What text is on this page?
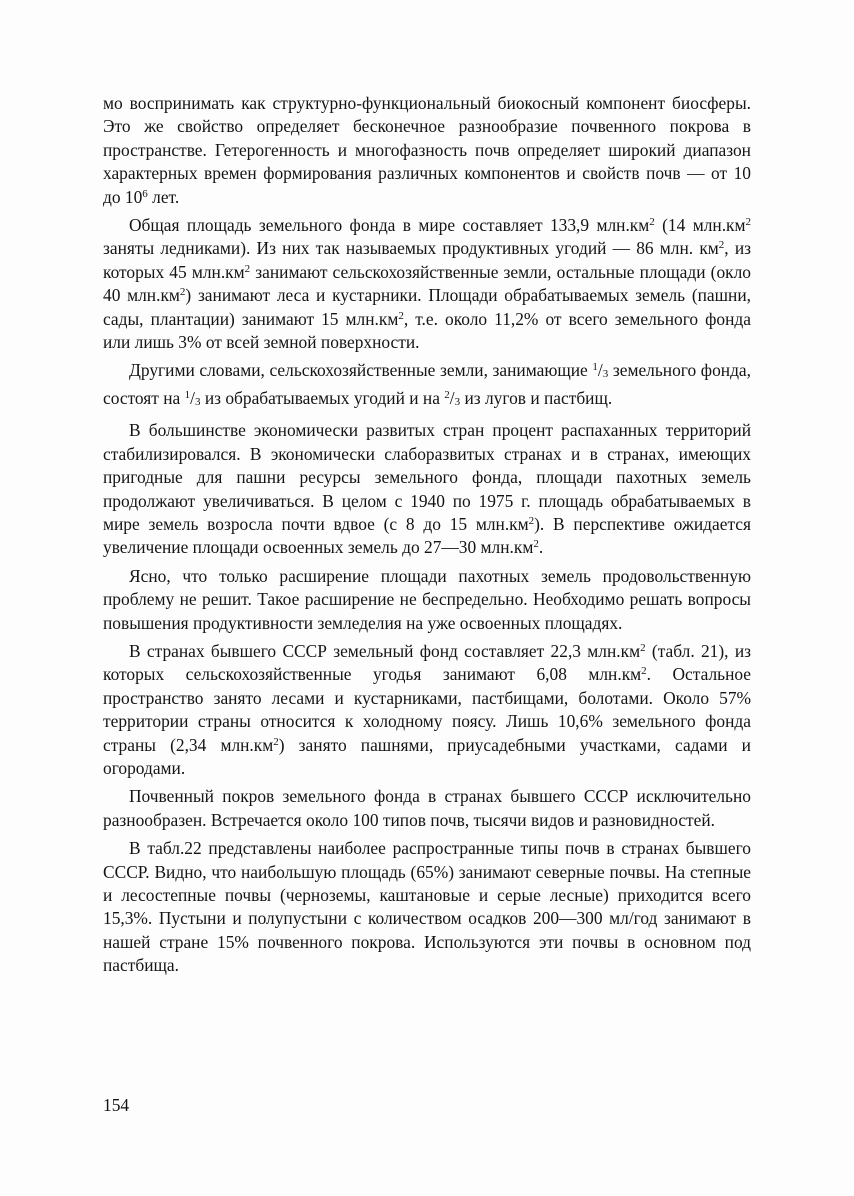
мо воспринимать как структурно-функциональный биокосный компонент биосферы. Это же свойство определяет бесконечное разнообразие почвенного покрова в пространстве. Гетерогенность и многофазность почв определяет широкий диапазон характерных времен формирования различных компонентов и свойств почв — от 10 до $10^6$ лет.

Общая площадь земельного фонда в мире составляет 133,9 $млн.км^2$ (14 $млн.км^2$ заняты ледниками). Из них так называемых продуктивных угодий — 86 млн. $км^2$, из которых 45 $млн.км^2$ занимают сельскохозяйственные земли, остальные площади (окло 40 $млн.км^2$) занимают леса и кустарники. Площади обрабатываемых земель (пашни, сады, плантации) занимают 15 $млн.км^2$, т.е. около 11,2% от всего земельного фонда или лишь 3% от всей земной поверхности.

Другими словами, сельскохозяйственные земли, занимающие $^1/_3$ земельного фонда, состоят на $^1/_3$ из обрабатываемых угодий и на $^2/_3$ из лугов и пастбищ.

В большинстве экономически развитых стран процент распаханных территорий стабилизировался. В экономически слаборазвитых странах и в странах, имеющих пригодные для пашни ресурсы земельного фонда, площади пахотных земель продолжают увеличиваться. В целом с 1940 по 1975 г. площадь обрабатываемых в мире земель возросла почти вдвое (с 8 до 15 $млн.км^2$). В перспективе ожидается увеличение площади освоенных земель до 27—30 $млн.км^2$.

Ясно, что только расширение площади пахотных земель продовольственную проблему не решит. Такое расширение не беспредельно. Необходимо решать вопросы повышения продуктивности земледелия на уже освоенных площадях.

В странах бывшего СССР земельный фонд составляет 22,3 $млн.км^2$ (табл. 21), из которых сельскохозяйственные угодья занимают 6,08 $млн.км^2$. Остальное пространство занято лесами и кустарниками, пастбищами, болотами. Около 57% территории страны относится к холодному поясу. Лишь 10,6% земельного фонда страны (2,34 $млн.км^2$) занято пашнями, приусадебными участками, садами и огородами.

Почвенный покров земельного фонда в странах бывшего СССР исключительно разнообразен. Встречается около 100 типов почв, тысячи видов и разновидностей.

В табл.22 представлены наиболее распространные типы почв в странах бывшего СССР. Видно, что наибольшую площадь (65%) занимают северные почвы. На степные и лесостепные почвы (черноземы, каштановые и серые лесные) приходится всего 15,3%. Пустыни и полупустыни с количеством осадков 200—300 мл/год занимают в нашей стране 15% почвенного покрова. Используются эти почвы в основном под пастбища.

154
